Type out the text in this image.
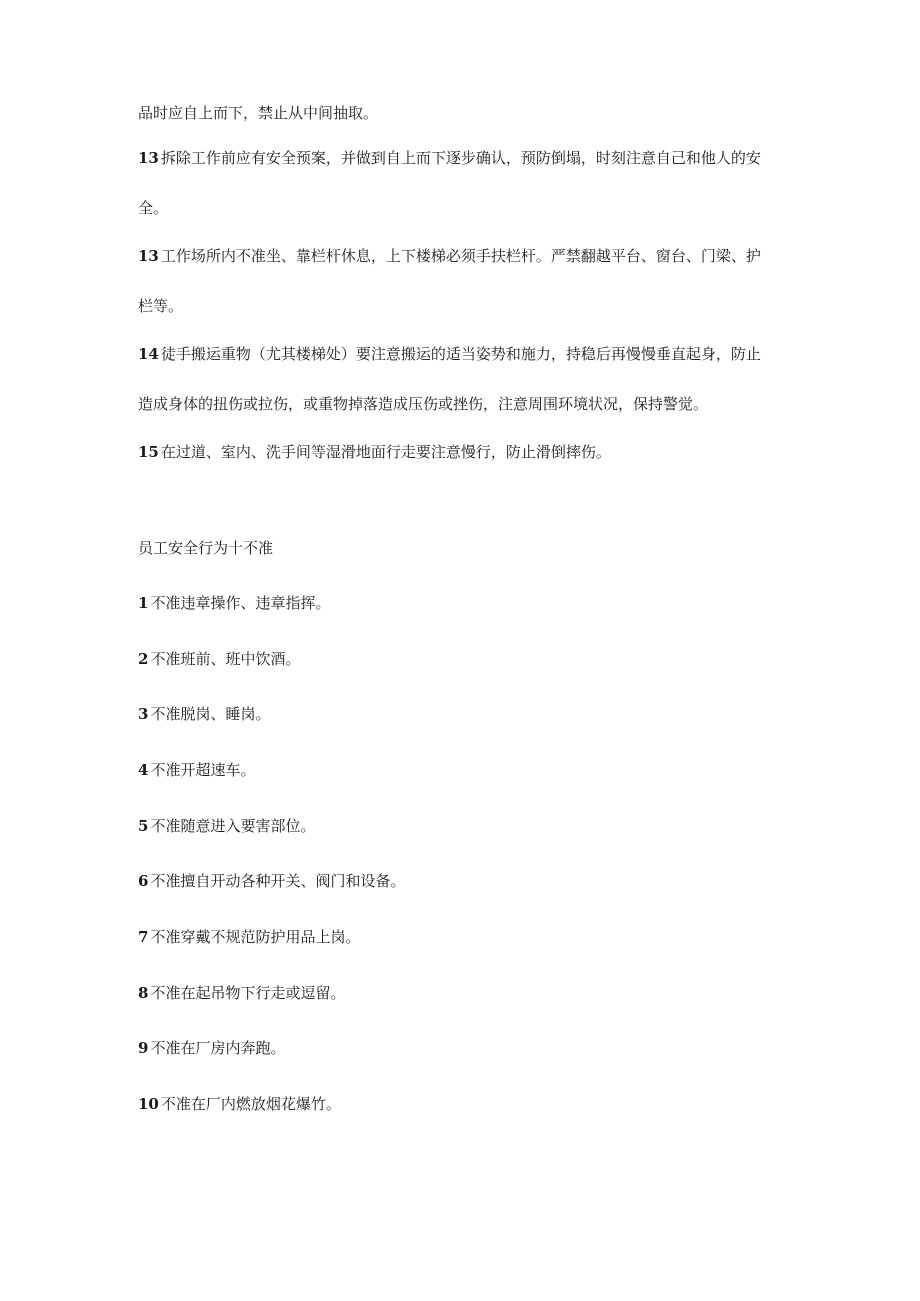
品时应自上而下，禁止从中间抽取。
13 拆除工作前应有安全预案，并做到自上而下逐步确认，预防倒塌，时刻注意自己和他人的安
全。
13 工作场所内不准坐、靠栏杆休息，上下楼梯必须手扶栏杆。严禁翻越平台、窗台、门梁、护
栏等。
14 徒手搬运重物（尤其楼梯处）要注意搬运的适当姿势和施力，持稳后再慢慢垂直起身，防止
造成身体的扭伤或拉伤，或重物掉落造成压伤或挫伤，注意周围环境状况，保持警觉。
15 在过道、室内、洗手间等湿滑地面行走要注意慢行，防止滑倒摔伤。
员工安全行为十不准
1 不准违章操作、违章指挥。
2 不准班前、班中饮酒。
3 不准脱岗、睡岗。
4 不准开超速车。
5 不准随意进入要害部位。
6 不准擅自开动各种开关、阀门和设备。
7 不准穿戴不规范防护用品上岗。
8 不准在起吊物下行走或逗留。
9 不准在厂房内奔跑。
10 不准在厂内燃放烟花爆竹。
